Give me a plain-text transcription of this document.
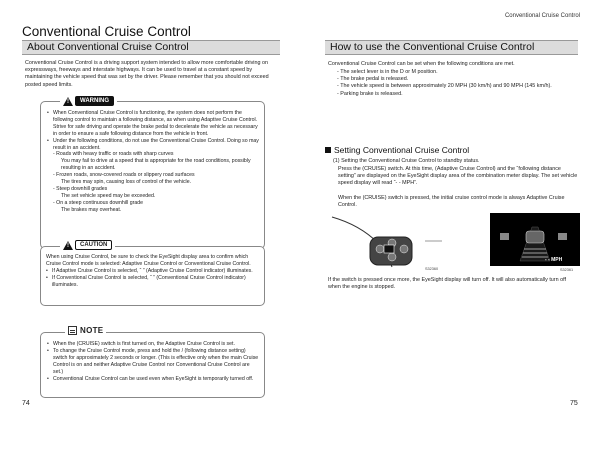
Conventional Cruise Control
Conventional Cruise Control
About Conventional Cruise Control
Conventional Cruise Control is a driving support system intended to allow more comfortable driving on expressways, freeways and interstate highways. It can be used to travel at a constant speed by maintaining the vehicle speed that was set by the driver. Please remember that you should not exceed posted speed limits.
• When Conventional Cruise Control is functioning, the system does not perform the following control to maintain a following distance, as when using Adaptive Cruise Control.
Strive for safe driving and operate the brake pedal to decelerate the vehicle as necessary in order to ensure a safe following distance from the vehicle in front.
• Under the following conditions, do not use the Conventional Cruise Control. Doing so may result in an accident.
- Roads with heavy traffic or roads with sharp curves
You may fail to drive at a speed that is appropriate for the road conditions, possibly resulting in an accident.
- Frozen roads, snow-covered roads or slippery road surfaces
The tires may spin, causing loss of control of the vehicle.
- Steep downhill grades
The set vehicle speed may be exceeded.
- On a steep continuous downhill grade
The brakes may overheat.
!	WARNING
When using Cruise Control, be sure to check the EyeSight display area to confirm which Cruise Control mode is selected: Adaptive Cruise Control or Conventional Cruise Control.
• If Adaptive Cruise Control is selected, “ ” (Adaptive Cruise Control indicator) illuminates.
• If Conventional Cruise Control is selected, “ ” (Conventional Cruise Control indicator) illuminates.
!	CAUTION
• When the (CRUISE) switch is first turned on, the Adaptive Cruise Control is set.
• To change the Cruise Control mode, press and hold the / (following distance setting) switch for approximately 2 seconds or longer. (This is effective only when the main Cruise Control is on and neither Adaptive Cruise Control nor Conventional Cruise Control are set.)
• Conventional Cruise Control can be used even when EyeSight is temporarily turned off.
NOTE
74
How to use the Conventional Cruise Control
Conventional Cruise Control can be set when the following conditions are met.
- The select lever is in the D or M position.
- The brake pedal is released.
- The vehicle speed is between approximately 20 MPH (30 km/h) and 90 MPH (145 km/h).
- Parking brake is released.
Setting Conventional Cruise Control
(1) Setting the Conventional Cruise Control to standby status.
Press the (CRUISE) switch. At this time, (Adaptive Cruise Control) and the “following distance setting” are displayed on the EyeSight display area of the combination meter display. The set vehicle speed display will read “- - MPH”.
When the (CRUISE) switch is pressed, the initial cruise control mode is always Adaptive Cruise Control.
S32360
- - MPH
S32361
If the switch is pressed once more, the EyeSight display will turn off. It will also automatically turn off when the engine is stopped.
75
